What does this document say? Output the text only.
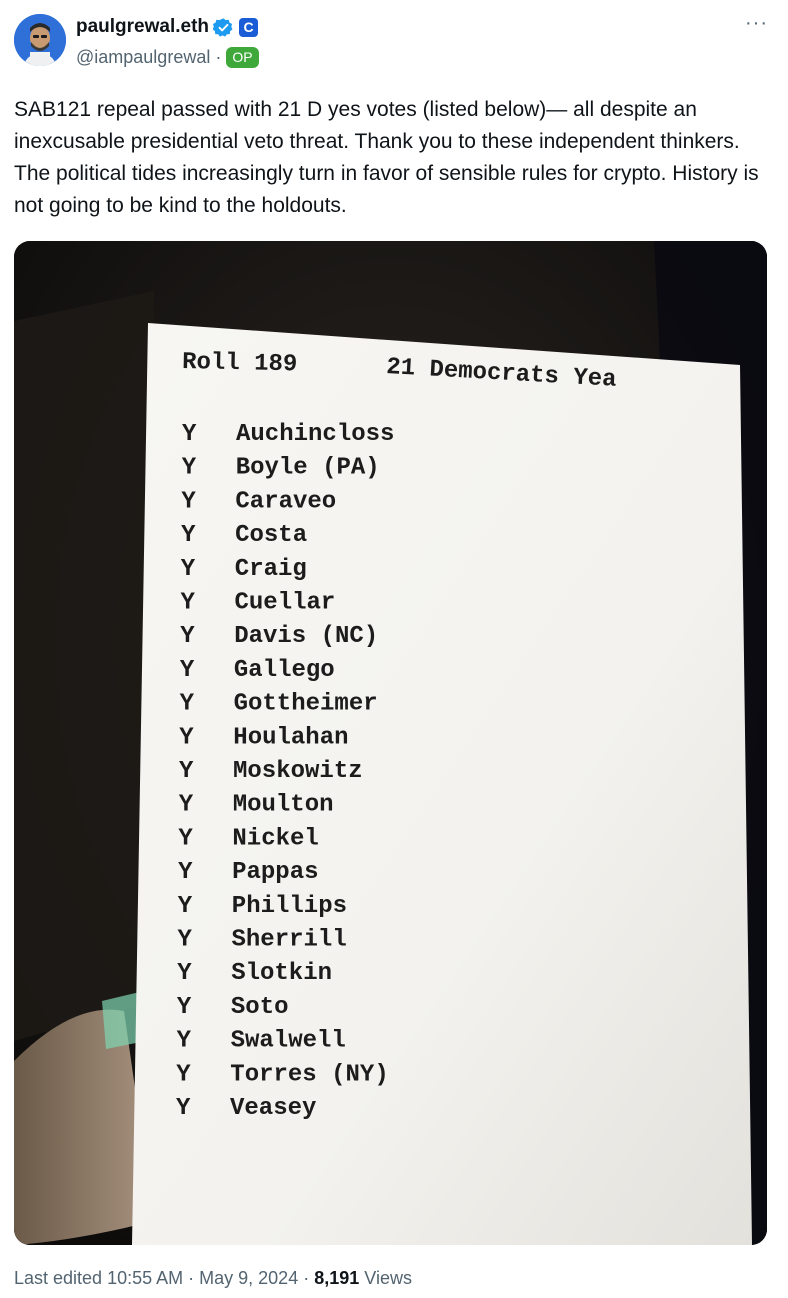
paulgrewal.eth	C
@iampaulgrewal · OP
···
SAB121 repeal passed with 21 D yes votes (listed below)— all despite an inexcusable presidential veto threat. Thank you to these independent thinkers. The political tides increasingly turn in favor of sensible rules for crypto. History is not going to be kind to the holdouts.
Roll 189	21 Democrats Yea
Y Auchincloss
Y Boyle (PA)
Y Caraveo
Y Costa
Y Craig
Y Cuellar
Y Davis (NC)
Y Gallego
Y Gottheimer
Y Houlahan
Y Moskowitz
Y Moulton
Y Nickel
Y Pappas
Y Phillips
Y Sherrill
Y Slotkin
Y Soto
Y Swalwell
Y Torres (NY)
Y Veasey
Last edited 10:55 AM · May 9, 2024 · 8,191 Views
